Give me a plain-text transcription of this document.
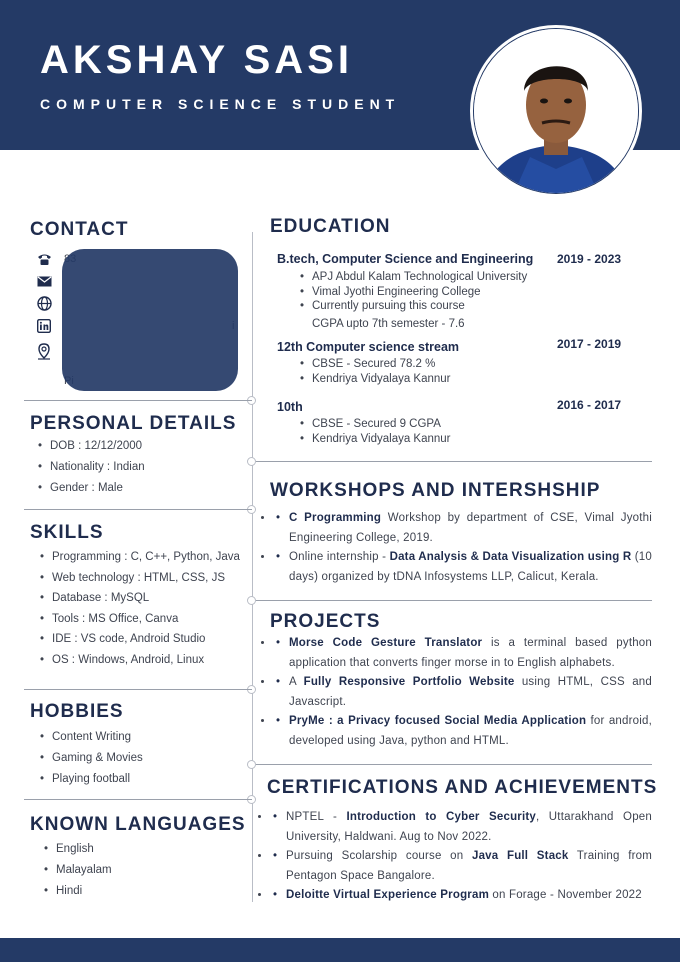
AKSHAY SASI
COMPUTER SCIENCE STUDENT
CONTACT
PERSONAL DETAILS
• DOB : 12/12/2000
• Nationality : Indian
• Gender : Male
SKILLS
• Programming : C, C++, Python, Java
• Web technology : HTML, CSS, JS
• Database : MySQL
• Tools : MS Office, Canva
• IDE : VS code, Android Studio
• OS : Windows, Android, Linux
HOBBIES
• Content Writing
• Gaming & Movies
• Playing football
KNOWN LANGUAGES
• English
• Malayalam
• Hindi
EDUCATION
B.tech, Computer Science and Engineering 2019 - 2023
• APJ Abdul Kalam Technological University
• Vimal Jyothi Engineering College
• Currently pursuing this course
CGPA upto 7th semester - 7.6
12th Computer science stream	2017 - 2019
• CBSE - Secured 78.2 %
• Kendriya Vidyalaya Kannur
10th	2016 - 2017
• CBSE - Secured 9 CGPA
• Kendriya Vidyalaya Kannur
WORKSHOPS AND INTERSHSHIP
• • C Programming Workshop by department of CSE, Vimal Jyothi Engineering College, 2019.
• • Online internship - Data Analysis & Data Visualization using R (10 days) organized by tDNA Infosystems LLP, Calicut, Kerala.
PROJECTS
• • Morse Code Gesture Translator is a terminal based python application that converts finger morse in to English alphabets.
• • A Fully Responsive Portfolio Website using HTML, CSS and Javascript.
• • PryMe : a Privacy focused Social Media Application for android, developed using Java, python and HTML.
CERTIFICATIONS AND ACHIEVEMENTS
• • NPTEL - Introduction to Cyber Security, Uttarakhand Open University, Haldwani. Aug to Nov 2022.
• • Pursuing Scolarship course on Java Full Stack Training from Pentagon Space Bangalore.
• • Deloitte Virtual Experience Program on Forage - November 2022
